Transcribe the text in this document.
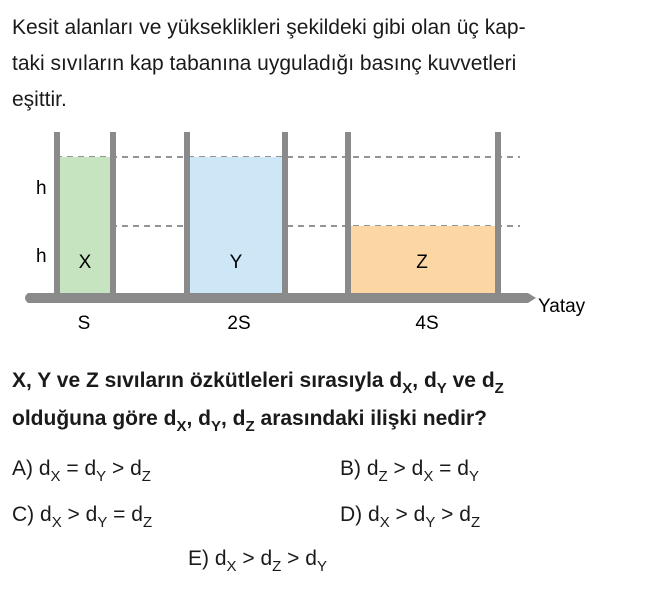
Kesit alanları ve yükseklikleri şekildeki gibi olan üç kap-
taki sıvıların kap tabanına uyguladığı basınç kuvvetleri
eşittir.

h
h X	Y	Z
S	2S	4S
Yatay

X, Y ve Z sıvıların özkütleleri sırasıyla $d_X$, $d_Y$ ve $d_Z$
olduğuna göre $d_X$, $d_Y$, $d_Z$ arasındaki ilişki nedir?

A) $d_X = d_Y > d_Z$	B) $d_Z > d_X = d_Y$
C) $d_X > d_Y = d_Z$	D) $d_X > d_Y > d_Z$
E) $d_X > d_Z > d_Y$
